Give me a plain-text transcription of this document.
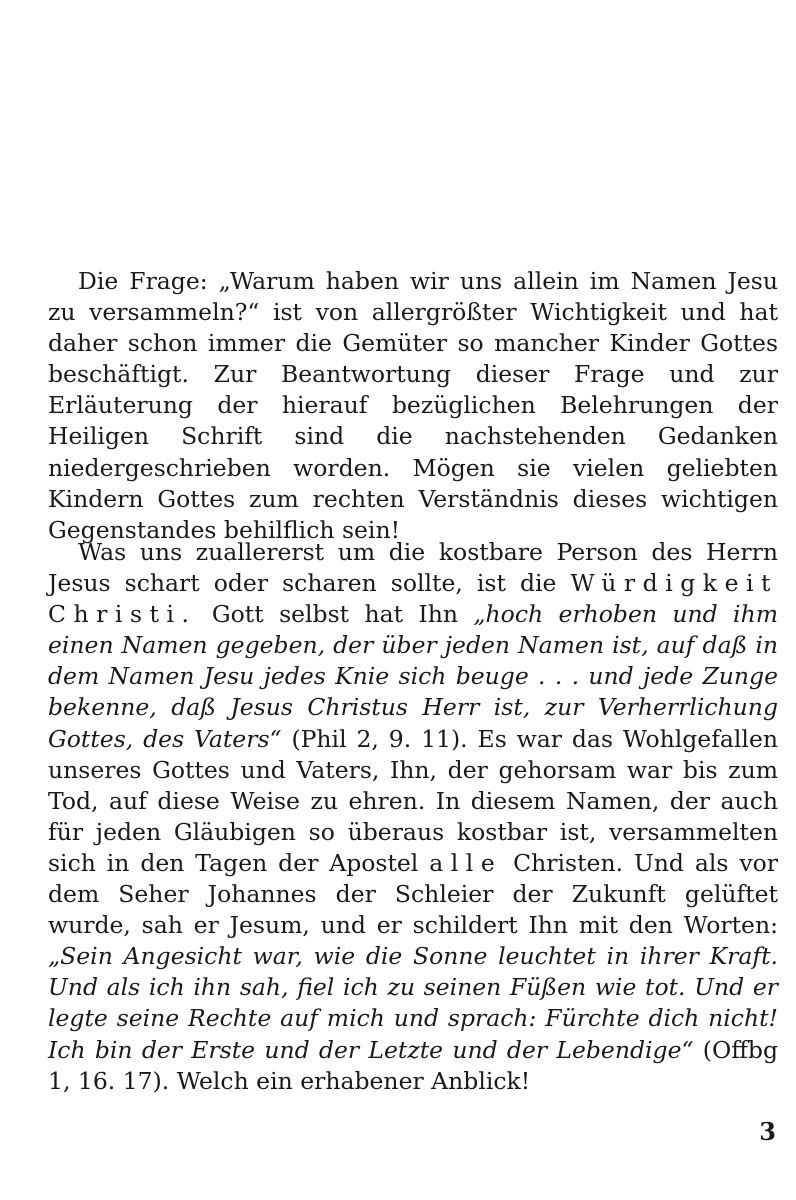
Die Frage: „Warum haben wir uns allein im Namen Jesu zu versammeln?“ ist von allergrößter Wichtigkeit und hat daher schon immer die Gemüter so mancher Kinder Gottes beschäftigt. Zur Beantwortung dieser Frage und zur Erläuterung der hierauf bezüglichen Belehrungen der Heiligen Schrift sind die nachstehenden Gedanken niedergeschrieben worden. Mögen sie vielen geliebten Kindern Gottes zum rechten Verständnis dieses wichtigen Gegenstandes behilflich sein!

Was uns zuallererst um die kostbare Person des Herrn Jesus schart oder scharen sollte, ist die Würdigkeit Christi. Gott selbst hat Ihn „hoch erhoben und ihm einen Namen gegeben, der über jeden Namen ist, auf daß in dem Namen Jesu jedes Knie sich beuge . . . und jede Zunge bekenne, daß Jesus Christus Herr ist, zur Verherrlichung Gottes, des Vaters“ (Phil 2, 9. 11). Es war das Wohlgefallen unseres Gottes und Vaters, Ihn, der gehorsam war bis zum Tod, auf diese Weise zu ehren. In diesem Namen, der auch für jeden Gläubigen so überaus kostbar ist, versammelten sich in den Tagen der Apostel alle Christen. Und als vor dem Seher Johannes der Schleier der Zukunft gelüftet wurde, sah er Jesum, und er schildert Ihn mit den Worten: „Sein Angesicht war, wie die Sonne leuchtet in ihrer Kraft. Und als ich ihn sah, fiel ich zu seinen Füßen wie tot. Und er legte seine Rechte auf mich und sprach: Fürchte dich nicht! Ich bin der Erste und der Letzte und der Lebendige“ (Offbg 1, 16. 17). Welch ein erhabener Anblick!

3
